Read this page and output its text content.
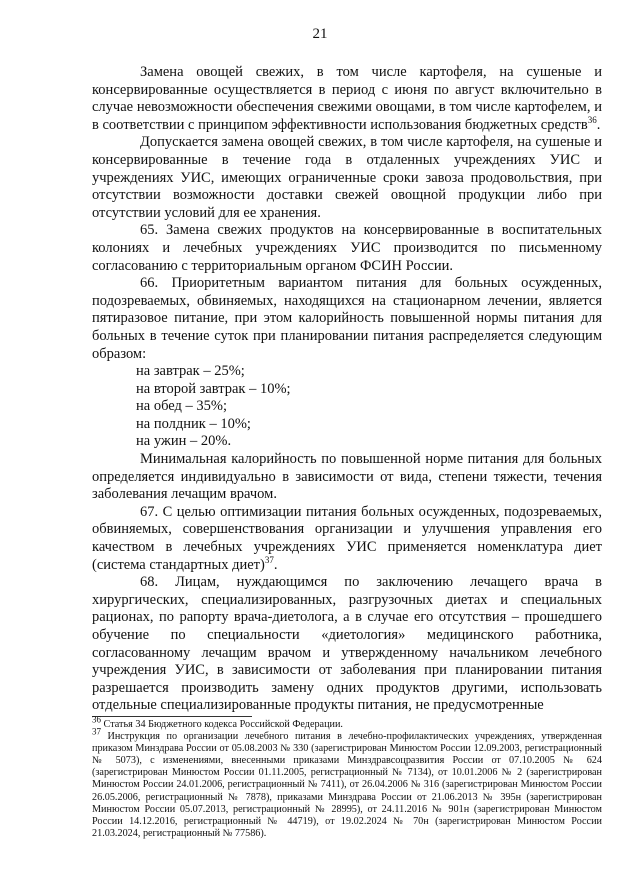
21

Замена овощей свежих, в том числе картофеля, на сушеные и консервированные осуществляется в период с июня по август включительно в случае невозможности обеспечения свежими овощами, в том числе картофелем, и в соответствии с принципом эффективности использования бюджетных средств$^{36}$.

Допускается замена овощей свежих, в том числе картофеля, на сушеные и консервированные в течение года в отдаленных учреждениях УИС и учреждениях УИС, имеющих ограниченные сроки завоза продовольствия, при отсутствии возможности доставки свежей овощной продукции либо при отсутствии условий для ее хранения.

65. Замена свежих продуктов на консервированные в воспитательных колониях и лечебных учреждениях УИС производится по письменному согласованию с территориальным органом ФСИН России.

66. Приоритетным вариантом питания для больных осужденных, подозреваемых, обвиняемых, находящихся на стационарном лечении, является пятиразовое питание, при этом калорийность повышенной нормы питания для больных в течение суток при планировании питания распределяется следующим образом:

на завтрак – 25%;
на второй завтрак – 10%;
на обед – 35%;
на полдник – 10%;
на ужин – 20%.

Минимальная калорийность по повышенной норме питания для больных определяется индивидуально в зависимости от вида, степени тяжести, течения заболевания лечащим врачом.

67. С целью оптимизации питания больных осужденных, подозреваемых, обвиняемых, совершенствования организации и улучшения управления его качеством в лечебных учреждениях УИС применяется номенклатура диет (система стандартных диет)$^{37}$.

68. Лицам, нуждающимся по заключению лечащего врача в хирургических, специализированных, разгрузочных диетах и специальных рационах, по рапорту врача-диетолога, а в случае его отсутствия – прошедшего обучение по специальности «диетология» медицинского работника, согласованному лечащим врачом и утвержденному начальником лечебного учреждения УИС, в зависимости от заболевания при планировании питания разрешается производить замену одних продуктов другими, использовать отдельные специализированные продукты питания, не предусмотренные

$^{36}$ Статья 34 Бюджетного кодекса Российской Федерации.

$^{37}$ Инструкция по организации лечебного питания в лечебно-профилактических учреждениях, утвержденная приказом Минздрава России от 05.08.2003 № 330 (зарегистрирован Минюстом России 12.09.2003, регистрационный № 5073), с изменениями, внесенными приказами Минздравсоцразвития России от 07.10.2005 № 624 (зарегистрирован Минюстом России 01.11.2005, регистрационный № 7134), от 10.01.2006 № 2 (зарегистрирован Минюстом России 24.01.2006, регистрационный № 7411), от 26.04.2006 № 316 (зарегистрирован Минюстом России 26.05.2006, регистрационный № 7878), приказами Минздрава России от 21.06.2013 № 395н (зарегистрирован Минюстом России 05.07.2013, регистрационный № 28995), от 24.11.2016 № 901н (зарегистрирован Минюстом России 14.12.2016, регистрационный № 44719), от 19.02.2024 № 70н (зарегистрирован Минюстом России 21.03.2024, регистрационный № 77586).
